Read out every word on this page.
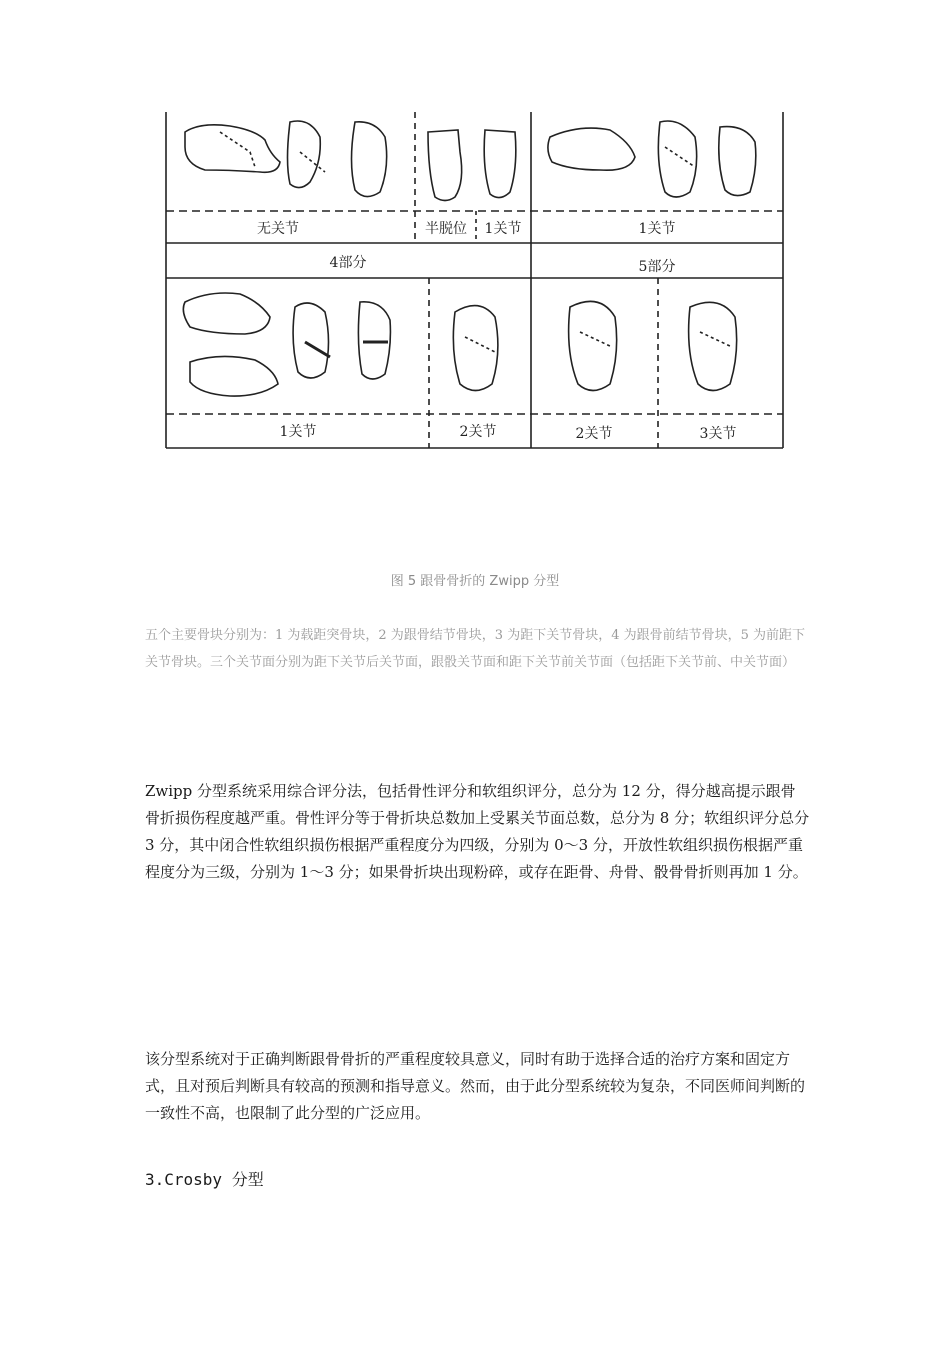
无关节	半脱位 1关节	1关节
4部分	5部分
1关节	2关节	2关节	3关节
图 5 跟骨骨折的 Zwipp 分型
五个主要骨块分别为：1 为载距突骨块，2 为跟骨结节骨块，3 为距下关节骨块，4 为跟骨前结节骨块，5 为前距下关节骨块。三个关节面分别为距下关节后关节面，跟骰关节面和距下关节前关节面（包括距下关节前、中关节面）
Zwipp 分型系统采用综合评分法，包括骨性评分和软组织评分，总分为 12 分，得分越高提示跟骨骨折损伤程度越严重。骨性评分等于骨折块总数加上受累关节面总数，总分为 8 分；软组织评分总分 3 分，其中闭合性软组织损伤根据严重程度分为四级，分别为 0～3 分，开放性软组织损伤根据严重程度分为三级，分别为 1～3 分；如果骨折块出现粉碎，或存在距骨、舟骨、骰骨骨折则再加 1 分。
该分型系统对于正确判断跟骨骨折的严重程度较具意义，同时有助于选择合适的治疗方案和固定方式，且对预后判断具有较高的预测和指导意义。然而，由于此分型系统较为复杂，不同医师间判断的一致性不高，也限制了此分型的广泛应用。
3.Crosby 分型
